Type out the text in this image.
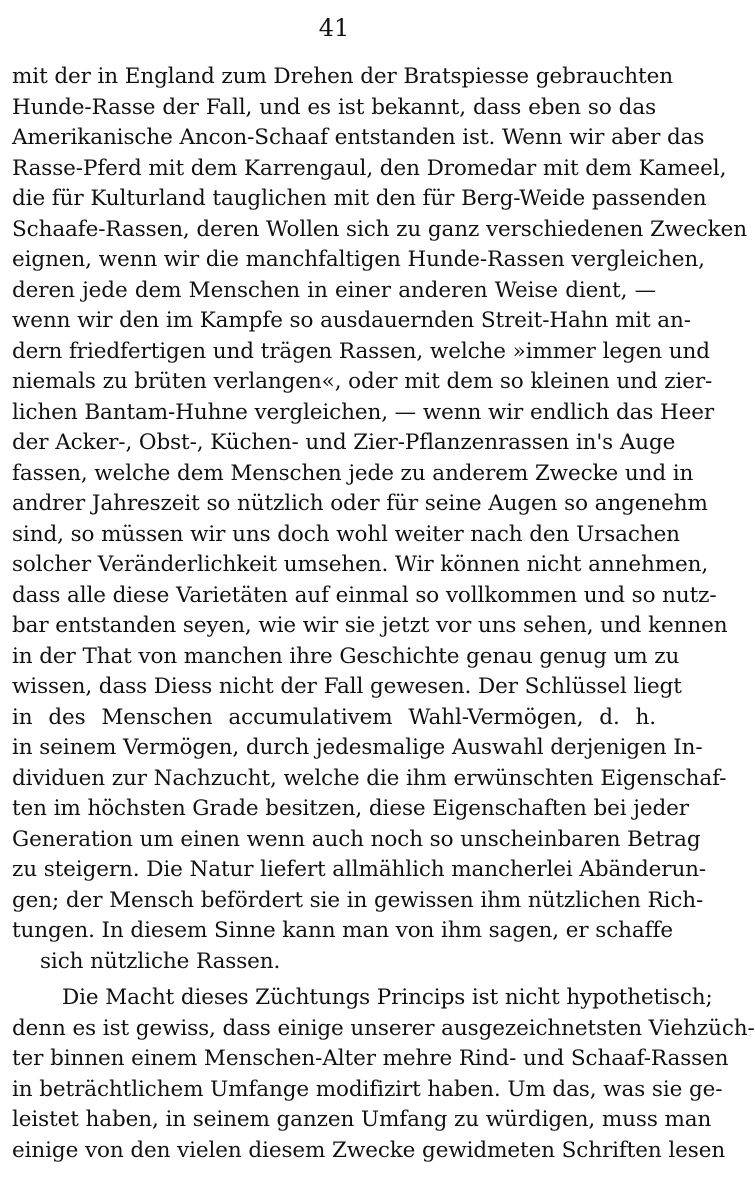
41
mit der in England zum Drehen der Bratspiesse gebrauchten
Hunde-Rasse der Fall, und es ist bekannt, dass eben so das
Amerikanische Ancon-Schaaf entstanden ist. Wenn wir aber das
Rasse-Pferd mit dem Karrengaul, den Dromedar mit dem Kameel,
die für Kulturland tauglichen mit den für Berg-Weide passenden
Schaafe-Rassen, deren Wollen sich zu ganz verschiedenen Zwecken
eignen, wenn wir die manchfaltigen Hunde-Rassen vergleichen,
deren jede dem Menschen in einer anderen Weise dient, —
wenn wir den im Kampfe so ausdauernden Streit-Hahn mit an-
dern friedfertigen und trägen Rassen, welche »immer legen und
niemals zu brüten verlangen«, oder mit dem so kleinen und zier-
lichen Bantam-Huhne vergleichen, — wenn wir endlich das Heer
der Acker-, Obst-, Küchen- und Zier-Pflanzenrassen in's Auge
fassen, welche dem Menschen jede zu anderem Zwecke und in
andrer Jahreszeit so nützlich oder für seine Augen so angenehm
sind, so müssen wir uns doch wohl weiter nach den Ursachen
solcher Veränderlichkeit umsehen. Wir können nicht annehmen,
dass alle diese Varietäten auf einmal so vollkommen und so nutz-
bar entstanden seyen, wie wir sie jetzt vor uns sehen, und kennen
in der That von manchen ihre Geschichte genau genug um zu
wissen, dass Diess nicht der Fall gewesen. Der Schlüssel liegt
in des Menschen accumulativem Wahl-Vermögen, d. h.
in seinem Vermögen, durch jedesmalige Auswahl derjenigen In-
dividuen zur Nachzucht, welche die ihm erwünschten Eigenschaf-
ten im höchsten Grade besitzen, diese Eigenschaften bei jeder
Generation um einen wenn auch noch so unscheinbaren Betrag
zu steigern. Die Natur liefert allmählich mancherlei Abänderun-
gen; der Mensch befördert sie in gewissen ihm nützlichen Rich-
tungen. In diesem Sinne kann man von ihm sagen, er schaffe
sich nützliche Rassen.
Die Macht dieses Züchtungs Princips ist nicht hypothetisch;
denn es ist gewiss, dass einige unserer ausgezeichnetsten Viehzüch-
ter binnen einem Menschen-Alter mehre Rind- und Schaaf-Rassen
in beträchtlichem Umfange modifizirt haben. Um das, was sie ge-
leistet haben, in seinem ganzen Umfang zu würdigen, muss man
einige von den vielen diesem Zwecke gewidmeten Schriften lesen
